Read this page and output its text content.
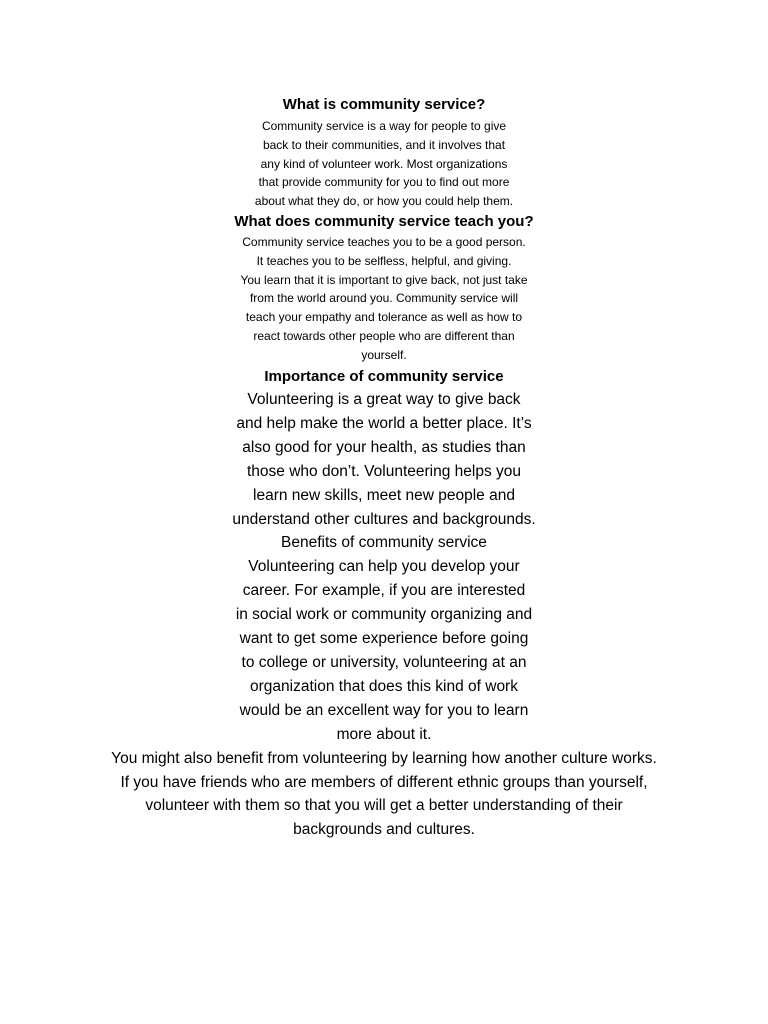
What is community service?
Community service is a way for people to give
back to their communities, and it involves that
any kind of volunteer work. Most organizations
that provide community for you to find out more
about what they do, or how you could help them.
What does community service teach you?
Community service teaches you to be a good person.
It teaches you to be selfless, helpful, and giving.
You learn that it is important to give back, not just take
from the world around you. Community service will
teach your empathy and tolerance as well as how to
react towards other people who are different than
yourself.
Importance of community service
Volunteering is a great way to give back
and help make the world a better place. It’s
also good for your health, as studies than
those who don’t. Volunteering helps you
learn new skills, meet new people and
understand other cultures and backgrounds.
Benefits of community service
Volunteering can help you develop your
career. For example, if you are interested
in social work or community organizing and
want to get some experience before going
to college or university, volunteering at an
organization that does this kind of work
would be an excellent way for you to learn
more about it.
You might also benefit from volunteering by learning how another culture works.
If you have friends who are members of different ethnic groups than yourself,
volunteer with them so that you will get a better understanding of their
backgrounds and cultures.
